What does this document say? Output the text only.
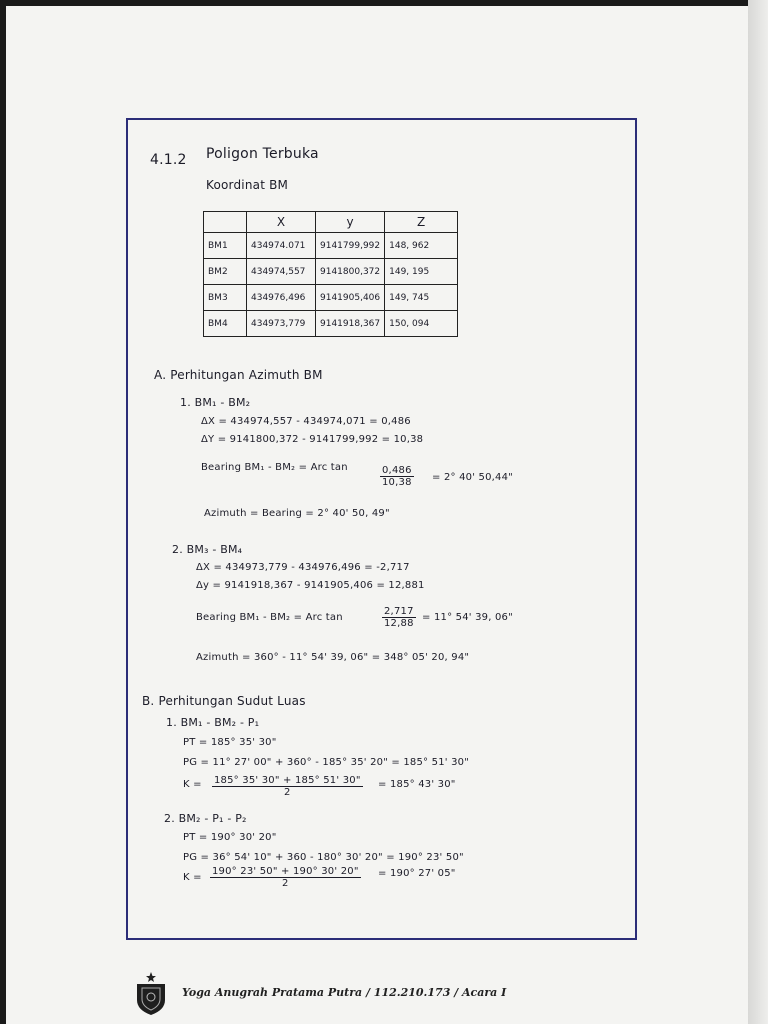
4.1.2 Poligon Terbuka
Koordinat BM
	X	y	Z
BM1	434974.071	9141799,992	148, 962
BM2	434974,557	9141800,372	149, 195
BM3	434976,496	9141905,406	149, 745
BM4	434973,779	9141918,367	150, 094
A. Perhitungan Azimuth BM
1. BM₁ - BM₂
ΔX = 434974,557 - 434974,071 = 0,486
ΔY = 9141800,372 - 9141799,992 = 10,38
Bearing BM₁ - BM₂ = Arc tan	$\frac{0,486}{10,38} = 2^\circ$ 40' 50,44"
Azimuth = Bearing = 2° 40' 50, 49"
2. BM₃ - BM₄
ΔX = 434973,779 - 434976,496 = -2,717
Δy = 9141918,367 - 9141905,406 = 12,881
Bearing BM₁ - BM₂ = Arc tan	$\frac{2,717}{12,88} = 11^\circ$ 54' 39, 06"
Azimuth = 360° - 11° 54' 39, 06" = 348° 05' 20, 94"
B. Perhitungan Sudut Luas
1. BM₁ - BM₂ - P₁
PT = 185° 35' 30"
PG = 11° 27' 00" + 360° - 185° 35' 20" = 185° 51' 30"
$K = \frac{185^\circ 35' 30" + 185^\circ 51' 30"}{2} = 185^\circ$ 43' 30"
2. BM₂ - P₁ - P₂
PT = 190° 30' 20"
PG = 36° 54' 10" + 360 - 180° 30' 20" = 190° 23' 50"
$K = \frac{190^\circ 23' 50" + 190^\circ 30' 20"}{2} = 190^\circ$ 27' 05"
Yoga Anugrah Pratama Putra / 112.210.173 / Acara I
